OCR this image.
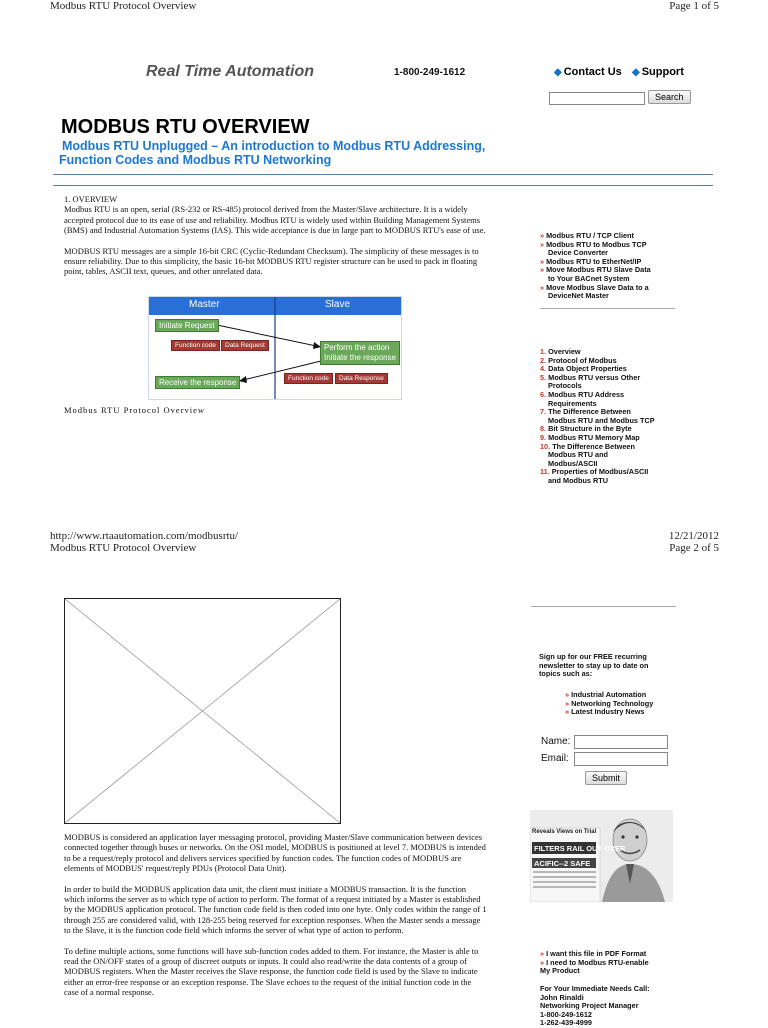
Modbus RTU Protocol Overview	Page 1 of 5
Real Time Automation	1-800-249-1612	◆ Contact Us ◆ Support
Search
MODBUS RTU OVERVIEW
Modbus RTU Unplugged – An introduction to Modbus RTU Addressing,
Function Codes and Modbus RTU Networking
1. OVERVIEW

Modbus RTU is an open, serial (RS-232 or RS-485) protocol derived from the Master/Slave architecture. It is a widely accepted protocol due to its ease of use and reliability. Modbus RTU is widely used within Building Management Systems (BMS) and Industrial Automation Systems (IAS). This wide acceptance is due in large part to MODBUS RTU's ease of use.

MODBUS RTU messages are a simple 16-bit CRC (Cyclic-Redundant Checksum). The simplicity of these messages is to ensure reliability. Due to this simplicity, the basic 16-bit MODBUS RTU register structure can be used to pack in floating point, tables, ASCII text, queues, and other unrelated data.

Master	Slave
Initiate Request
Function code	Data Request	Perform the action
Initiate the response
Receive the response	Function code	Data Response
Modbus RTU Protocol Overview
» Modbus RTU / TCP Client
» Modbus RTU to Modbus TCP
Device Converter
» Modbus RTU to EtherNet/IP
» Move Modbus RTU Slave Data
to Your BACnet System
» Move Modbus Slave Data to a
DeviceNet Master
1. Overview
2. Protocol of Modbus
4. Data Object Properties
5. Modbus RTU versus Other
Protocols
6. Modbus RTU Address
Requirements
7. The Difference Between
Modbus RTU and Modbus TCP
8. Bit Structure in the Byte
9. Modbus RTU Memory Map
10. The Difference Between
Modbus RTU and
Modbus/ASCII
11. Properties of Modbus/ASCII
and Modbus RTU
http://www.rtaautomation.com/modbusrtu/	12/21/2012
Modbus RTU Protocol Overview	Page 2 of 5

MODBUS is considered an application layer messaging protocol, providing Master/Slave communication between devices connected together through buses or networks. On the OSI model, MODBUS is positioned at level 7. MODBUS is intended to be a request/reply protocol and delivers services specified by function codes. The function codes of MODBUS are elements of MODBUS' request/reply PDUs (Protocol Data Unit).

In order to build the MODBUS application data unit, the client must initiate a MODBUS transaction. It is the function which informs the server as to which type of action to perform. The format of a request initiated by a Master is established by the MODBUS application protocol. The function code field is then coded into one byte. Only codes within the range of 1 through 255 are considered valid, with 128-255 being reserved for exception responses. When the Master sends a message to the Slave, it is the function code field which informs the server of what type of action to perform.

To define multiple actions, some functions will have sub-function codes added to them. For instance, the Master is able to read the ON/OFF states of a group of discreet outputs or inputs. It could also read/write the data contents of a group of MODBUS registers. When the Master receives the Slave response, the function code field is used by the Slave to indicate either an error-free response or an exception response. The Slave echoes to the request of the initial function code in the case of a normal response.

Sign up for our FREE recurring newsletter to stay up to date on topics such as:
» Industrial Automation
» Networking Technology
» Latest Industry News
Name:
Email:
Submit
Reveals Views on Trial
FILTERS RAIL OUT OVER
ACIFIC--2 SAFE
» I want this file in PDF Format
» I need to Modbus RTU-enable
My Product
For Your Immediate Needs Call:
John Rinaldi
Networking Project Manager
1-800-249-1612
1-262-439-4999
